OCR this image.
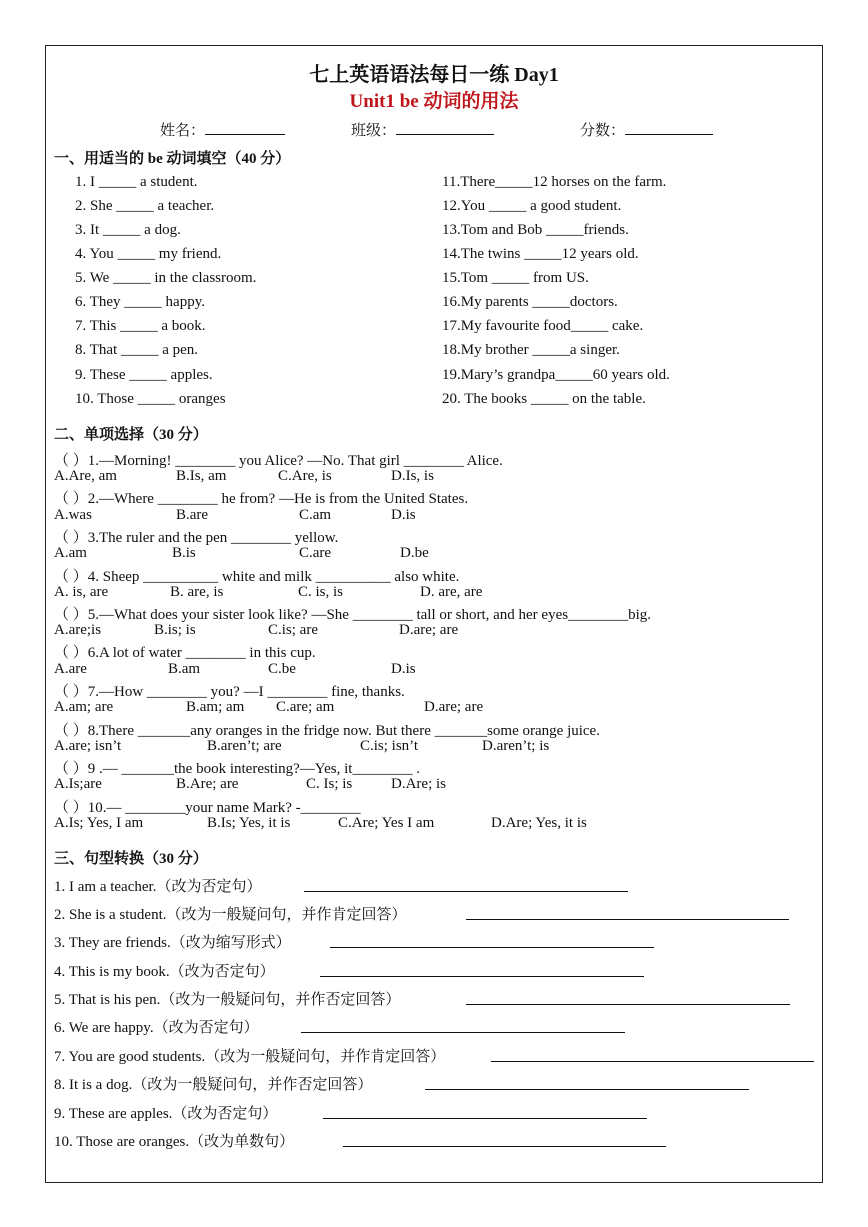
七上英语语法每日一练 Day1
Unit1 be 动词的用法
姓名：	班级：	分数：
一、用适当的 be 动词填空（40 分）
1. I _____ a student.
2. She _____ a teacher.
3. It _____ a dog.
4. You _____ my friend.
5. We _____ in the classroom.
6. They _____ happy.
7. This _____ a book.
8. That _____ a pen.
9. These _____ apples.
10. Those _____ oranges
11.There_____12 horses on the farm.
12.You _____ a good student.
13.Tom and Bob _____friends.
14.The twins _____12 years old.
15.Tom _____ from US.
16.My parents _____doctors.
17.My favourite food_____ cake.
18.My brother _____a singer.
19.Mary’s grandpa_____60 years old.
20. The books _____ on the table.
二、单项选择（30 分）
（ ）1.—Morning! ________ you Alice? —No. That girl ________ Alice.
A.Are, am	B.Is, am	C.Are, is	D.Is, is
（ ）2.—Where ________ he from? —He is from the United States.
A.was	B.are	C.am	D.is
（ ）3.The ruler and the pen ________ yellow.
A.am	B.is	C.are	D.be
（ ）4. Sheep __________ white and milk __________ also white.
A. is, are	B. are, is	C. is, is	D. are, are
（ ）5.—What does your sister look like? —She ________ tall or short, and her eyes________big.
A.are;is	B.is; is	C.is; are	D.are; are
（ ）6.A lot of water ________ in this cup.
A.are	B.am	C.be	D.is
（ ）7.—How ________ you? —I ________ fine, thanks.
A.am; are	B.am; am C.are; am	D.are; are
（ ）8.There _______any oranges in the fridge now. But there _______some orange juice.
A.are; isn’t	B.aren’t; are	C.is; isn’t	D.aren’t; is
（ ）9 .— _______the book interesting?—Yes, it________ .
A.Is;are	B.Are; are	C. Is; is	D.Are; is
（ ）10.— ________your name Mark? -________
A.Is; Yes, I am	B.Is; Yes, it is	C.Are; Yes I am	D.Are; Yes, it is
三、句型转换（30 分）
1. I am a teacher.（改为否定句）
2. She is a student.（改为一般疑问句，并作肯定回答）
3. They are friends.（改为缩写形式）
4. This is my book.（改为否定句）
5. That is his pen.（改为一般疑问句，并作否定回答）
6. We are happy.（改为否定句）
7. You are good students.（改为一般疑问句，并作肯定回答）
8. It is a dog.（改为一般疑问句，并作否定回答）
9. These are apples.（改为否定句）
10. Those are oranges.（改为单数句）
